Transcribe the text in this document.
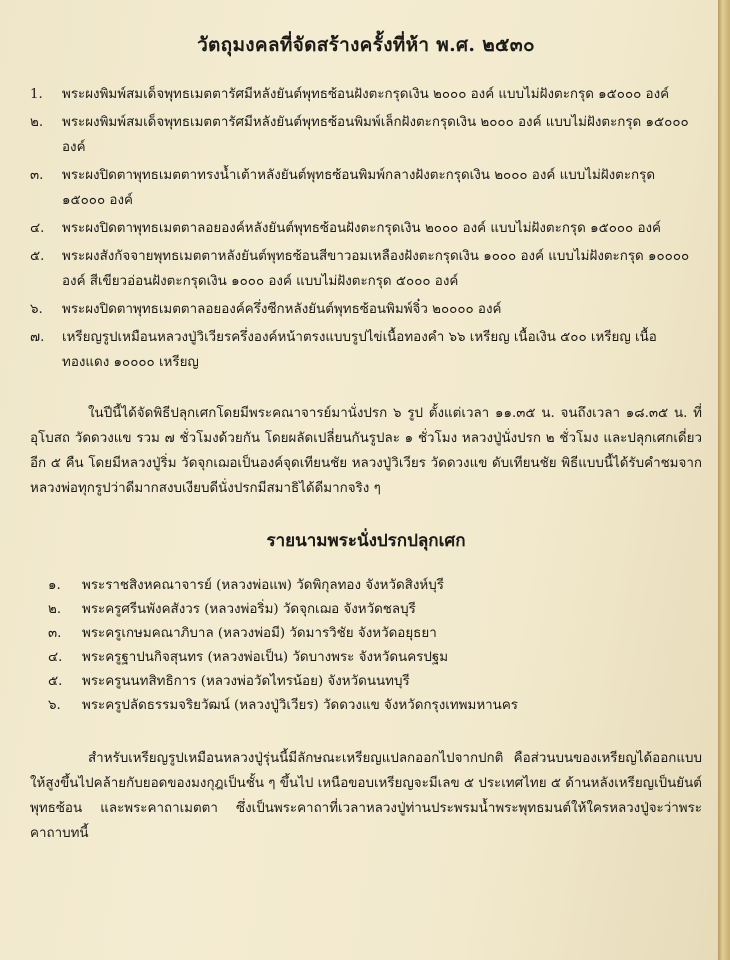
วัตถุมงคลที่จัดสร้างครั้งที่ห้า พ.ศ. ๒๕๓๐
1.	พระผงพิมพ์สมเด็จพุทธเมตตารัศมีหลังยันต์พุทธซ้อนฝังตะกรุดเงิน ๒๐๐๐ องค์ แบบไม่ฝังตะกรุด ๑๕๐๐๐ องค์
๒.	พระผงพิมพ์สมเด็จพุทธเมตตารัศมีหลังยันต์พุทธซ้อนพิมพ์เล็กฝังตะกรุดเงิน ๒๐๐๐ องค์ แบบไม่ฝังตะกรุด ๑๕๐๐๐ องค์
๓.	พระผงปิดตาพุทธเมตตาทรงน้ำเต้าหลังยันต์พุทธซ้อนพิมพ์กลางฝังตะกรุดเงิน ๒๐๐๐ องค์ แบบไม่ฝังตะกรุด ๑๕๐๐๐ องค์
๔.	พระผงปิดตาพุทธเมตตาลอยองค์หลังยันต์พุทธซ้อนฝังตะกรุดเงิน ๒๐๐๐ องค์ แบบไม่ฝังตะกรุด ๑๕๐๐๐ องค์
๕.	พระผงสังกัจจายพุทธเมตตาหลังยันต์พุทธซ้อนสีขาวอมเหลืองฝังตะกรุดเงิน ๑๐๐๐ องค์ แบบไม่ฝังตะกรุด ๑๐๐๐๐ องค์ สีเขียวอ่อนฝังตะกรุดเงิน ๑๐๐๐ องค์ แบบไม่ฝังตะกรุด ๕๐๐๐ องค์
๖.	พระผงปิดตาพุทธเมตตาลอยองค์ครึ่งซีกหลังยันต์พุทธซ้อนพิมพ์จิ๋ว ๒๐๐๐๐ องค์
๗.	เหรียญรูปเหมือนหลวงปู่วิเวียรครึ่งองค์หน้าตรงแบบรูปไข่เนื้อทองคำ ๖๖ เหรียญ เนื้อเงิน ๕๐๐ เหรียญ เนื้อทองแดง ๑๐๐๐๐ เหรียญ

ในปีนี้ได้จัดพิธีปลุกเศกโดยมีพระคณาจารย์มานั่งปรก ๖ รูป ตั้งแต่เวลา ๑๑.๓๕ น. จนถึงเวลา ๑๘.๓๕ น. ที่อุโบสถ วัดดวงแข รวม ๗ ชั่วโมงด้วยกัน โดยผลัดเปลี่ยนกันรูปละ ๑ ชั่วโมง หลวงปู่นั่งปรก ๒ ชั่วโมง และปลุกเศกเดี่ยวอีก ๕ คืน โดยมีหลวงปู่ริ่ม วัดจุกเฌอเป็นองค์จุดเทียนชัย หลวงปู่วิเวียร วัดดวงแข ดับเทียนชัย พิธีแบบนี้ได้รับคำชมจากหลวงพ่อทุกรูปว่าดีมากสงบเงียบดีนั่งปรกมีสมาธิได้ดีมากจริง ๆ

รายนามพระนั่งปรกปลุกเศก
๑.	พระราชสิงหคณาจารย์ (หลวงพ่อแพ) วัดพิกุลทอง จังหวัดสิงห์บุรี
๒.	พระครูศรีนพังคสังวร (หลวงพ่อริ่ม) วัดจุกเฌอ จังหวัดชลบุรี
๓.	พระครูเกษมคณาภิบาล (หลวงพ่อมี) วัดมารวิชัย จังหวัดอยุธยา
๔.	พระครูฐาปนกิจสุนทร (หลวงพ่อเป็น) วัดบางพระ จังหวัดนครปฐม
๕.	พระครูนนทสิทธิการ (หลวงพ่อวัดไทรน้อย) จังหวัดนนทบุรี
๖.	พระครูปลัดธรรมจริยวัฒน์ (หลวงปู่วิเวียร) วัดดวงแข จังหวัดกรุงเทพมหานคร

สำหรับเหรียญรูปเหมือนหลวงปู่รุ่นนี้มีลักษณะเหรียญแปลกออกไปจากปกติ คือส่วนบนของเหรียญได้ออกแบบให้สูงขึ้นไปคล้ายกับยอดของมงกุฎเป็นชั้น ๆ ขึ้นไป เหนือขอบเหรียญจะมีเลข ๕ ประเทศไทย ๕ ด้านหลังเหรียญเป็นยันต์พุทธซ้อน และพระคาถาเมตตา ซึ่งเป็นพระคาถาที่เวลาหลวงปู่ท่านประพรมน้ำพระพุทธมนต์ให้ใครหลวงปู่จะว่าพระคาถาบทนี้
